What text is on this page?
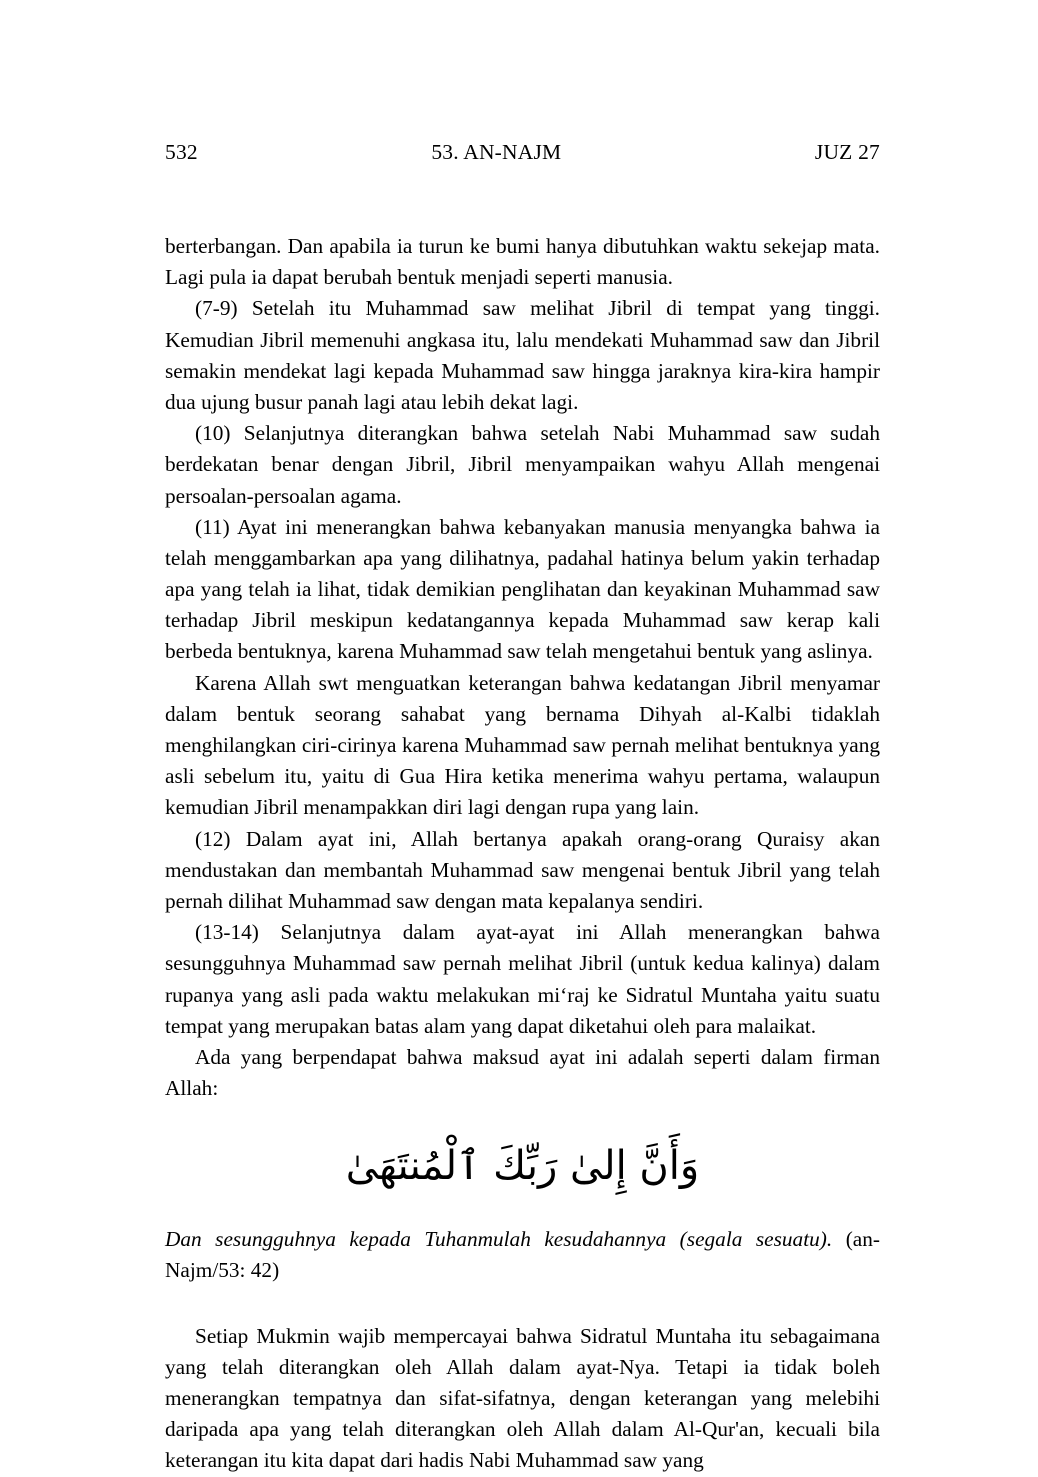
532	53. AN-NAJM	JUZ 27

berterbangan. Dan apabila ia turun ke bumi hanya dibutuhkan waktu sekejap mata. Lagi pula ia dapat berubah bentuk menjadi seperti manusia.

(7-9) Setelah itu Muhammad saw melihat Jibril di tempat yang tinggi. Kemudian Jibril memenuhi angkasa itu, lalu mendekati Muhammad saw dan Jibril semakin mendekat lagi kepada Muhammad saw hingga jaraknya kira-kira hampir dua ujung busur panah lagi atau lebih dekat lagi.

(10) Selanjutnya diterangkan bahwa setelah Nabi Muhammad saw sudah berdekatan benar dengan Jibril, Jibril menyampaikan wahyu Allah mengenai persoalan-persoalan agama.

(11) Ayat ini menerangkan bahwa kebanyakan manusia menyangka bahwa ia telah menggambarkan apa yang dilihatnya, padahal hatinya belum yakin terhadap apa yang telah ia lihat, tidak demikian penglihatan dan keyakinan Muhammad saw terhadap Jibril meskipun kedatangannya kepada Muhammad saw kerap kali berbeda bentuknya, karena Muhammad saw telah mengetahui bentuk yang aslinya.

Karena Allah swt menguatkan keterangan bahwa kedatangan Jibril menyamar dalam bentuk seorang sahabat yang bernama Dihyah al-Kalbi tidaklah menghilangkan ciri-cirinya karena Muhammad saw pernah melihat bentuknya yang asli sebelum itu, yaitu di Gua Hira ketika menerima wahyu pertama, walaupun kemudian Jibril menampakkan diri lagi dengan rupa yang lain.

(12) Dalam ayat ini, Allah bertanya apakah orang-orang Quraisy akan mendustakan dan membantah Muhammad saw mengenai bentuk Jibril yang telah pernah dilihat Muhammad saw dengan mata kepalanya sendiri.

(13-14) Selanjutnya dalam ayat-ayat ini Allah menerangkan bahwa sesungguhnya Muhammad saw pernah melihat Jibril (untuk kedua kalinya) dalam rupanya yang asli pada waktu melakukan mi‘raj ke Sidratul Muntaha yaitu suatu tempat yang merupakan batas alam yang dapat diketahui oleh para malaikat.

Ada yang berpendapat bahwa maksud ayat ini adalah seperti dalam firman Allah:

وَأَنَّ إِلىٰ رَبِّكَ ٱلْمُنتَهَىٰ

Dan sesungguhnya kepada Tuhanmulah kesudahannya (segala sesuatu). (an-Najm/53: 42)

Setiap Mukmin wajib mempercayai bahwa Sidratul Muntaha itu sebagaimana yang telah diterangkan oleh Allah dalam ayat-Nya. Tetapi ia tidak boleh menerangkan tempatnya dan sifat-sifatnya, dengan keterangan yang melebihi daripada apa yang telah diterangkan oleh Allah dalam Al-Qur'an, kecuali bila keterangan itu kita dapat dari hadis Nabi Muhammad saw yang
